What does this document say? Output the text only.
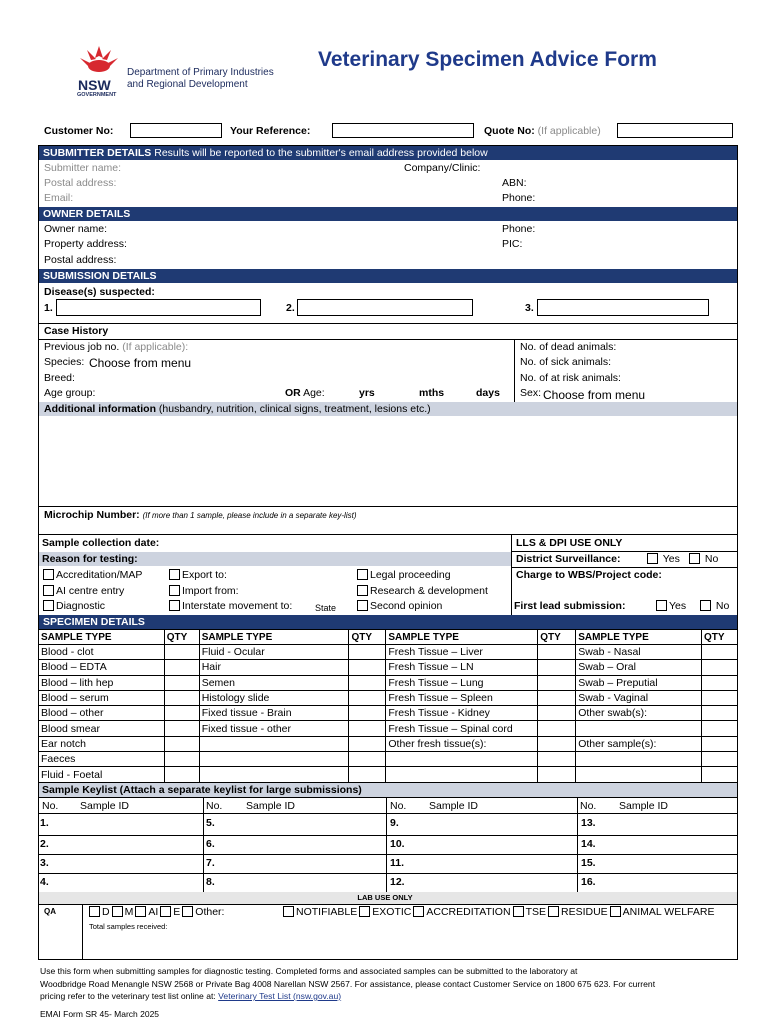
NSW
GOVERNMENT
Department of Primary Industries
and Regional Development
Veterinary Specimen Advice Form
Customer No:	Your Reference:	Quote No: (If applicable)
SUBMITTER DETAILS Results will be reported to the submitter's email address provided below
Submitter name:	Company/Clinic:
Postal address:	ABN:
Email:	Phone:
OWNER DETAILS
Owner name:	Phone:
Property address:	PIC:
Postal address:
SUBMISSION DETAILS
Disease(s) suspected:
1.	2.	3.
Case History
Previous job no. (If applicable):
Species: Choose from menu
Breed:
Age group:	OR Age:	yrs	mths	days
No. of dead animals:
No. of sick animals:
No. of at risk animals:
Sex: Choose from menu
Additional information (husbandry, nutrition, clinical signs, treatment, lesions etc.)
Microchip Number: (If more than 1 sample, please include in a separate key-list)
Sample collection date:
Reason for testing:
Accreditation/MAP
AI centre entry
Diagnostic
Export to:
Import from:
Interstate movement to:	State
Legal proceeding
Research & development
Second opinion
LLS & DPI USE ONLY
District Surveillance:	Yes	No
Charge to WBS/Project code:
First lead submission:	Yes	No
SPECIMEN DETAILS
SAMPLE TYPE	QTY	SAMPLE TYPE	QTY	SAMPLE TYPE	QTY	SAMPLE TYPE	QTY
Blood - clot		Fluid - Ocular		Fresh Tissue – Liver		Swab - Nasal	
Blood – EDTA		Hair		Fresh Tissue – LN		Swab – Oral	
Blood – lith hep		Semen		Fresh Tissue – Lung		Swab – Preputial	
Blood – serum		Histology slide		Fresh Tissue – Spleen		Swab - Vaginal	
Blood – other		Fixed tissue - Brain		Fresh Tissue - Kidney		Other swab(s):	
Blood smear		Fixed tissue - other		Fresh Tissue – Spinal cord			
Ear notch				Other fresh tissue(s):		Other sample(s):	
Faeces							
Fluid - Foetal							
Sample Keylist (Attach a separate keylist for large submissions)
No. Sample ID	No. Sample ID	No. Sample ID	No. Sample ID
1.	5.	9.	13.
2.	6.	10.	14.
3.	7.	11.	15.
4.	8.	12.	16.
LAB USE ONLY
QA	D M AI E Other:	NOTIFIABLE EXOTIC ACCREDITATION TSE RESIDUE ANIMAL WELFARE
Total samples received:
Use this form when submitting samples for diagnostic testing. Completed forms and associated samples can be submitted to the laboratory at
Woodbridge Road Menangle NSW 2568 or Private Bag 4008 Narellan NSW 2567. For assistance, please contact Customer Service on 1800 675 623. For current
pricing refer to the veterinary test list online at: Veterinary Test List (nsw.gov.au)
EMAI Form SR 45- March 2025
